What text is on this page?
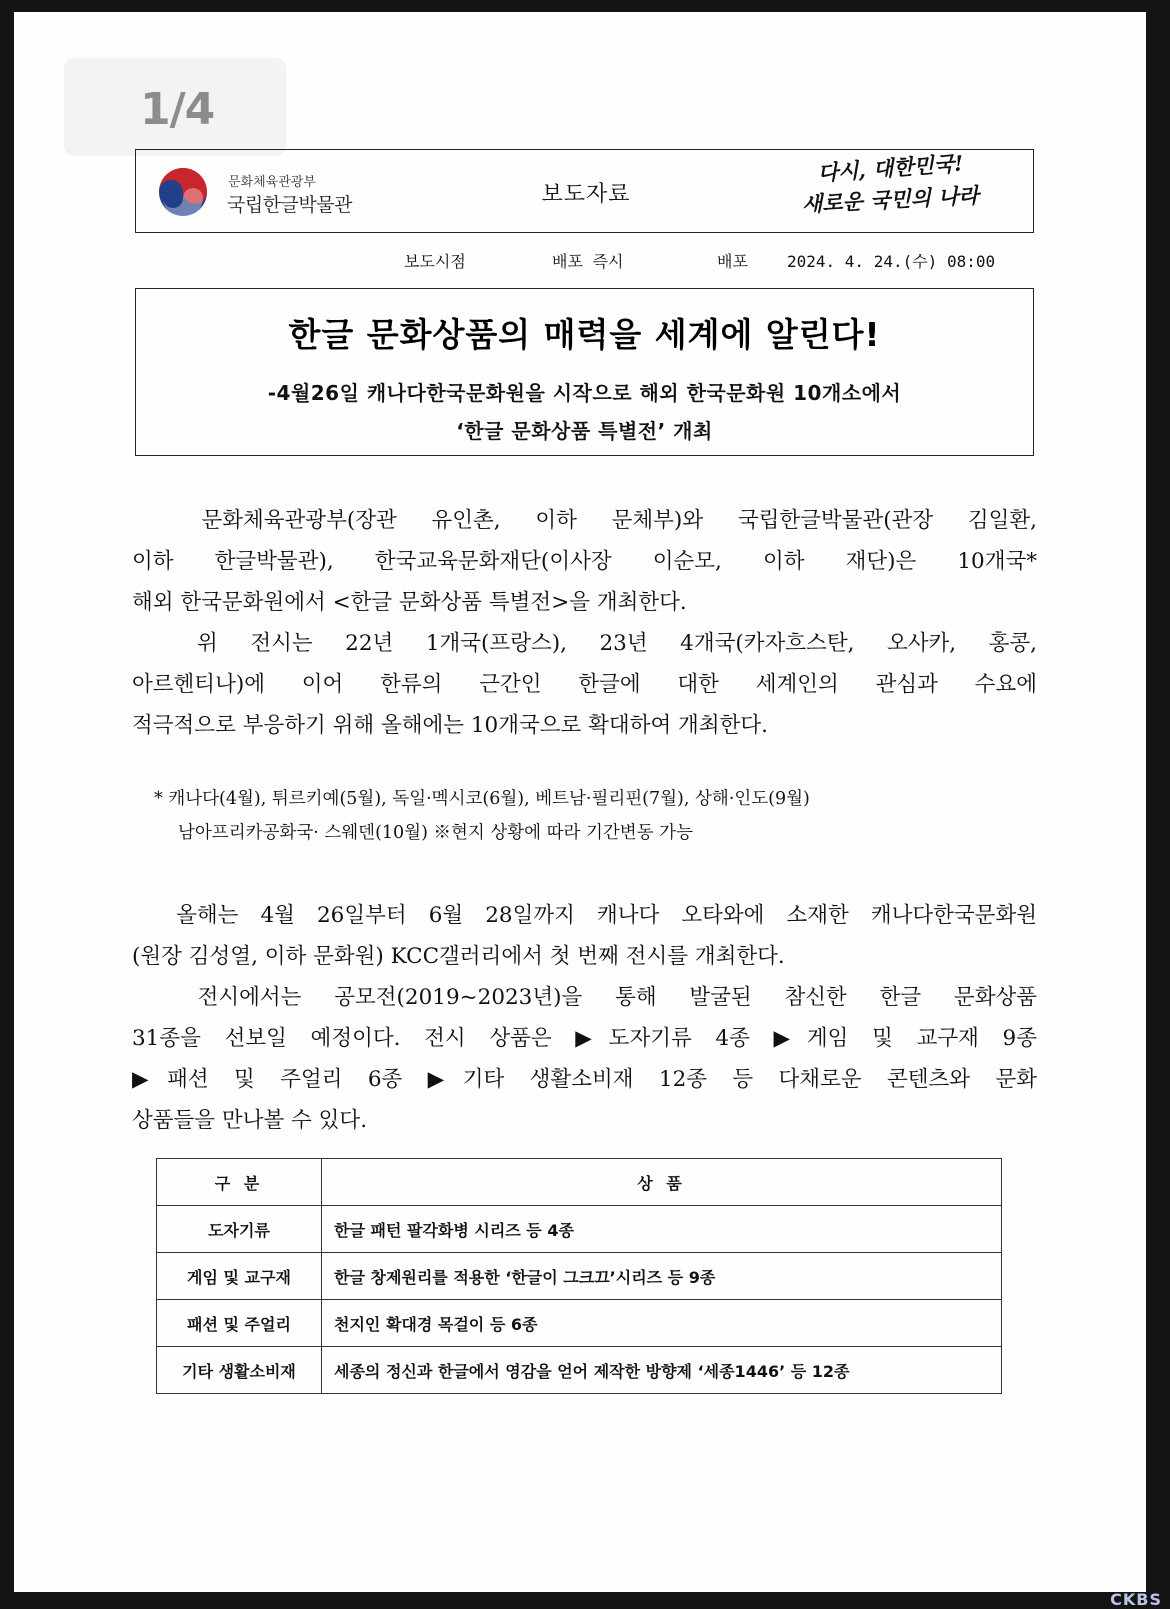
1/4
문화체육관광부
국립한글박물관	보도자료
다시, 대한민국!
새로운 국민의 나라
보도시점	배포 즉시	배포 2024. 4. 24.(수) 08:00
한글 문화상품의 매력을 세계에 알린다!
-4월26일 캐나다한국문화원을 시작으로 해외 한국문화원 10개소에서
‘한글 문화상품 특별전’ 개최

문화체육관광부(장관 유인촌, 이하 문체부)와 국립한글박물관(관장 김일환,
이하 한글박물관), 한국교육문화재단(이사장 이순모, 이하 재단)은 10개국*
해외 한국문화원에서 <한글 문화상품 특별전>을 개최한다.

위 전시는 22년 1개국(프랑스), 23년 4개국(카자흐스탄, 오사카, 홍콩,
아르헨티나)에 이어 한류의 근간인 한글에 대한 세계인의 관심과 수요에
적극적으로 부응하기 위해 올해에는 10개국으로 확대하여 개최한다.

* 캐나다(4월), 튀르키예(5월), 독일·멕시코(6월), 베트남·필리핀(7월), 상해·인도(9월)
남아프리카공화국· 스웨덴(10월) ※현지 상황에 따라 기간변동 가능

올해는 4월 26일부터 6월 28일까지 캐나다 오타와에 소재한 캐나다한국문화원
(원장 김성열, 이하 문화원) KCC갤러리에서 첫 번째 전시를 개최한다.

전시에서는 공모전(2019~2023년)을 통해 발굴된 참신한 한글 문화상품
31종을 선보일 예정이다. 전시 상품은 ▶도자기류 4종 ▶게임 및 교구재 9종
▶패션 및 주얼리 6종 ▶기타 생활소비재 12종 등 다채로운 콘텐츠와 문화
상품들을 만나볼 수 있다.

구 분	상 품
도자기류	한글 패턴 팔각화병 시리즈 등 4종
게임 및 교구재	한글 창제원리를 적용한 ‘한글이 그크끄’시리즈 등 9종
패션 및 주얼리	천지인 확대경 목걸이 등 6종
기타 생활소비재	세종의 정신과 한글에서 영감을 얻어 제작한 방향제 ‘세종1446’ 등 12종
CKBS
